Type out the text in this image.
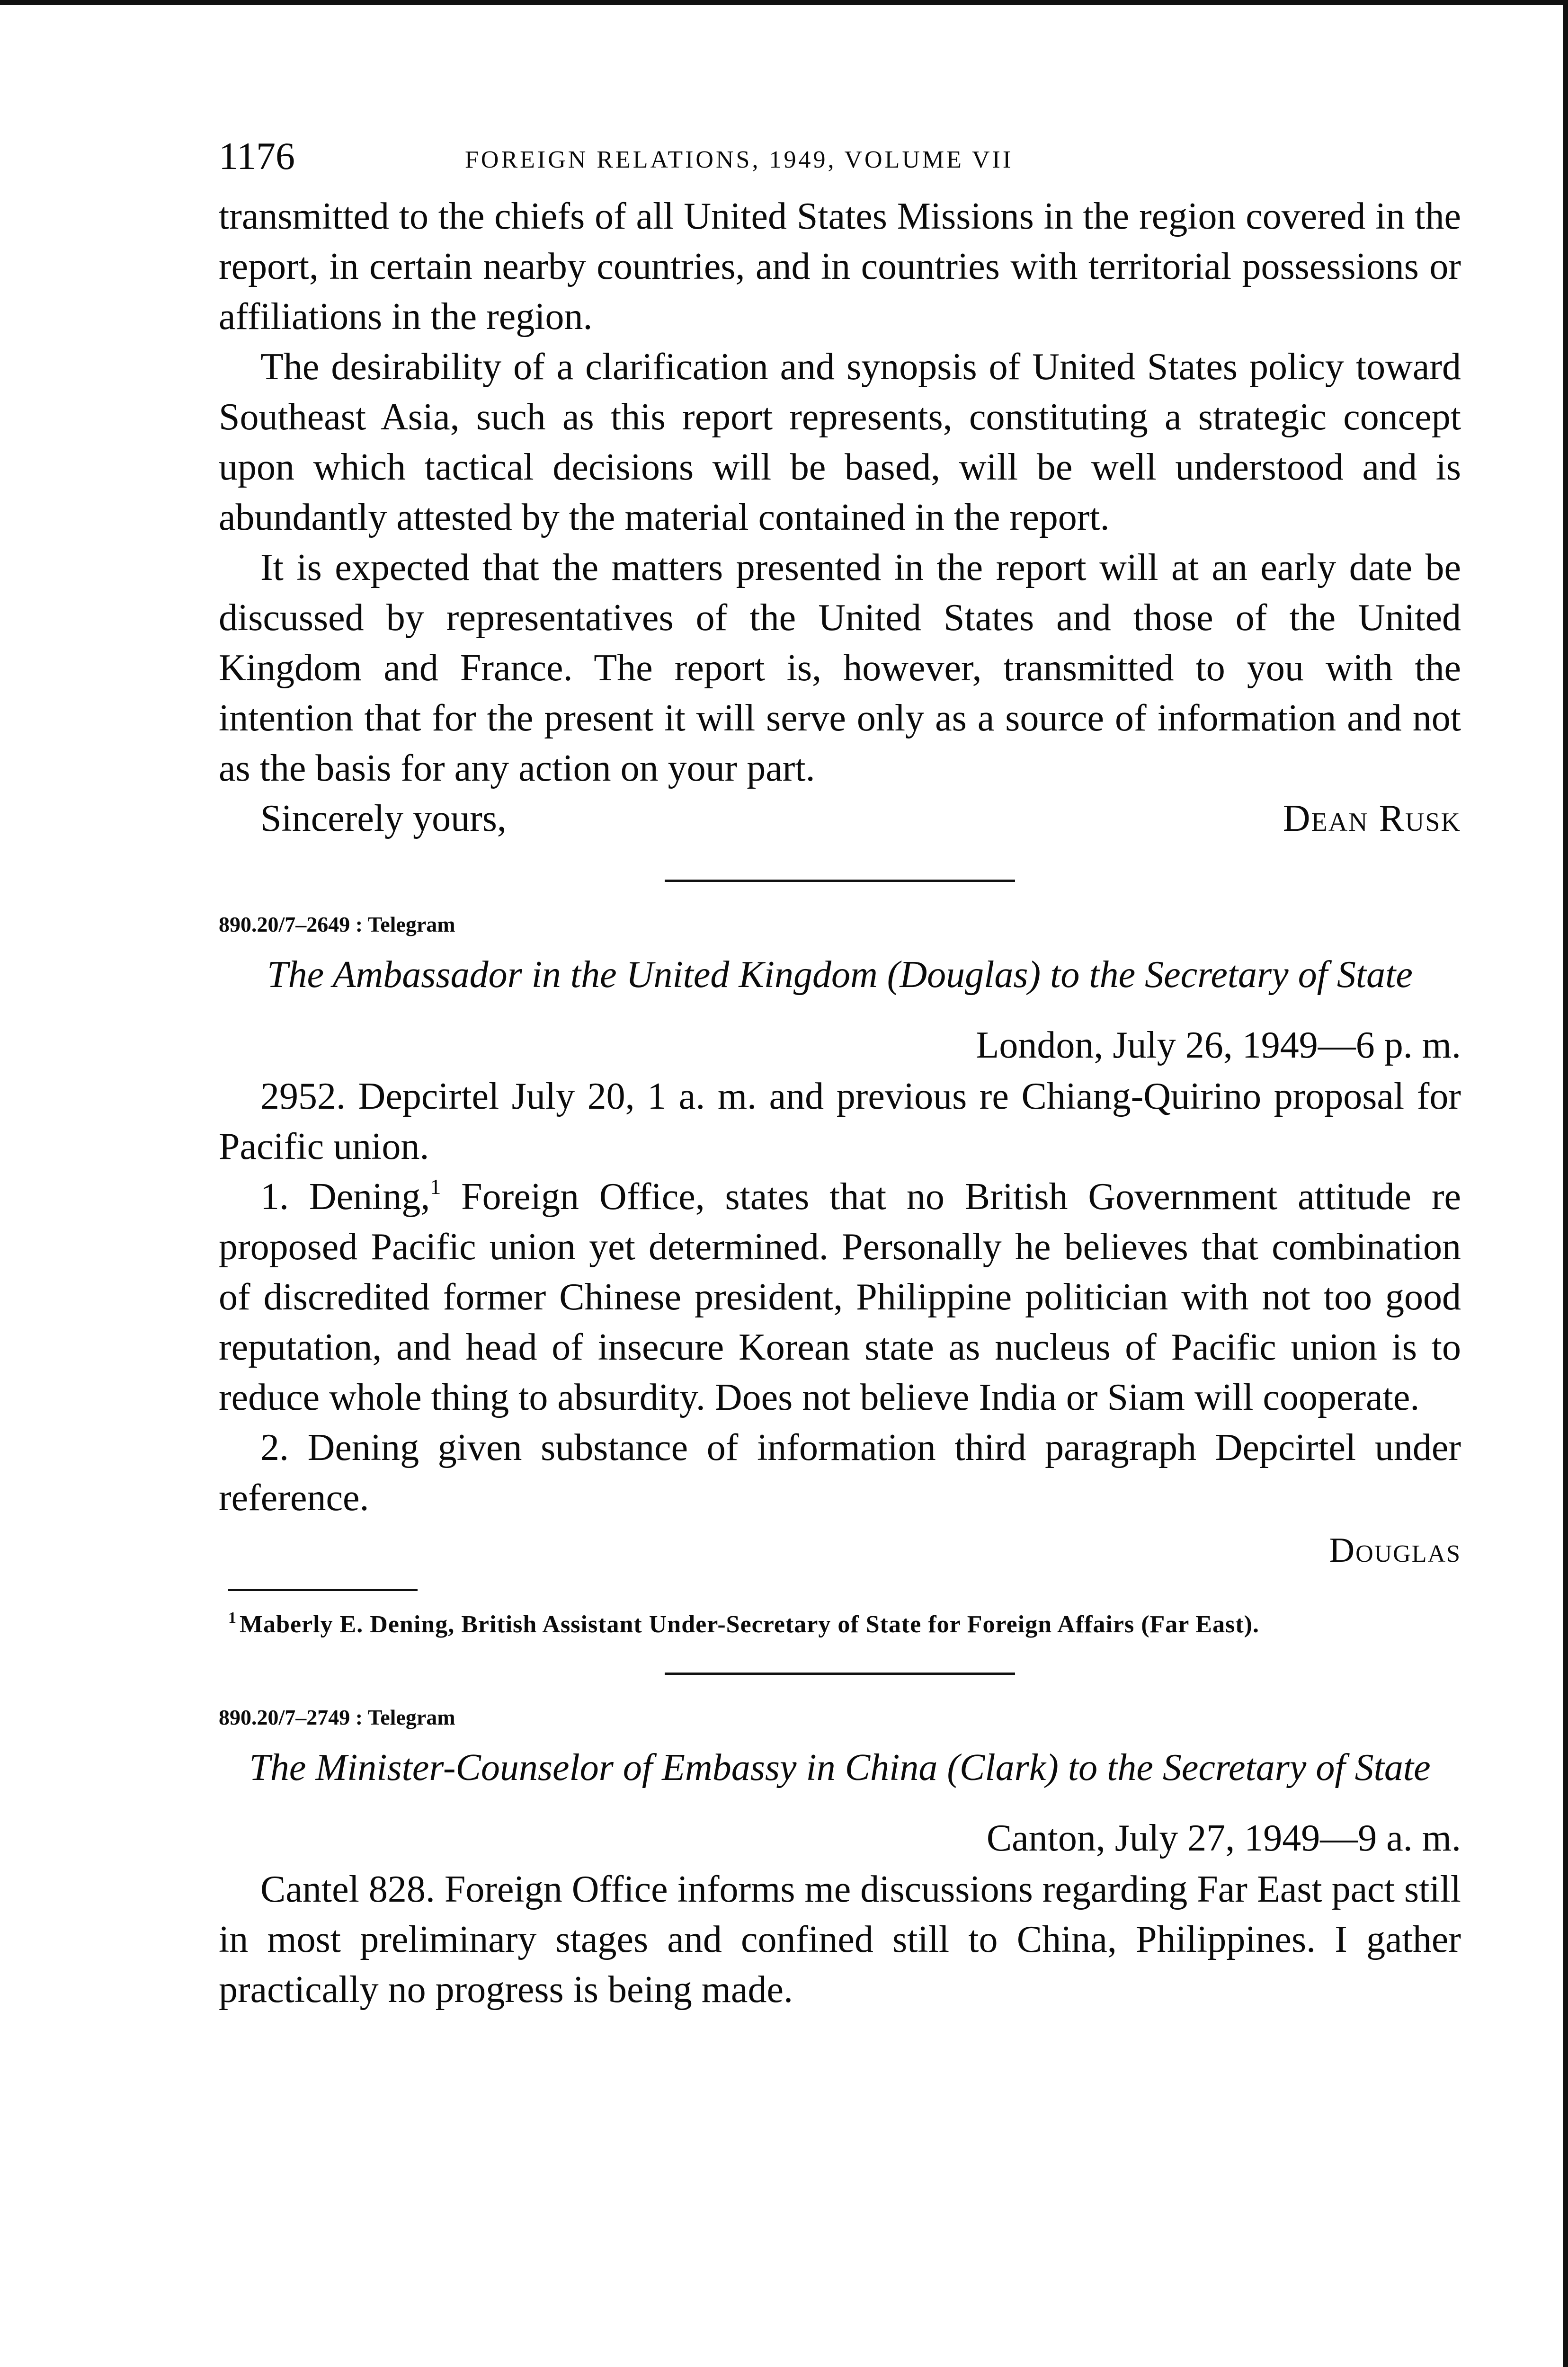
1176	FOREIGN RELATIONS, 1949, VOLUME VII

transmitted to the chiefs of all United States Missions in the region covered in the report, in certain nearby countries, and in countries with territorial possessions or affiliations in the region.

The desirability of a clarification and synopsis of United States policy toward Southeast Asia, such as this report represents, constituting a strategic concept upon which tactical decisions will be based, will be well understood and is abundantly attested by the material contained in the report.

It is expected that the matters presented in the report will at an early date be discussed by representatives of the United States and those of the United Kingdom and France. The report is, however, transmitted to you with the intention that for the present it will serve only as a source of information and not as the basis for any action on your part.

Sincerely yours,	Dean Rusk
890.20/7–2649 : Telegram
The Ambassador in the United Kingdom (Douglas) to the Secretary of State
London, July 26, 1949—6 p. m.

2952. Depcirtel July 20, 1 a. m. and previous re Chiang-Quirino proposal for Pacific union.

1. Dening,$^1$ Foreign Office, states that no British Government attitude re proposed Pacific union yet determined. Personally he believes that combination of discredited former Chinese president, Philippine politician with not too good reputation, and head of insecure Korean state as nucleus of Pacific union is to reduce whole thing to absurdity. Does not believe India or Siam will cooperate.

2. Dening given substance of information third paragraph Depcirtel under reference.

Douglas

$^1$ Maberly E. Dening, British Assistant Under-Secretary of State for Foreign Affairs (Far East).

890.20/7–2749 : Telegram
The Minister-Counselor of Embassy in China (Clark) to the Secretary of State
Canton, July 27, 1949—9 a. m.

Cantel 828. Foreign Office informs me discussions regarding Far East pact still in most preliminary stages and confined still to China, Philippines. I gather practically no progress is being made.
